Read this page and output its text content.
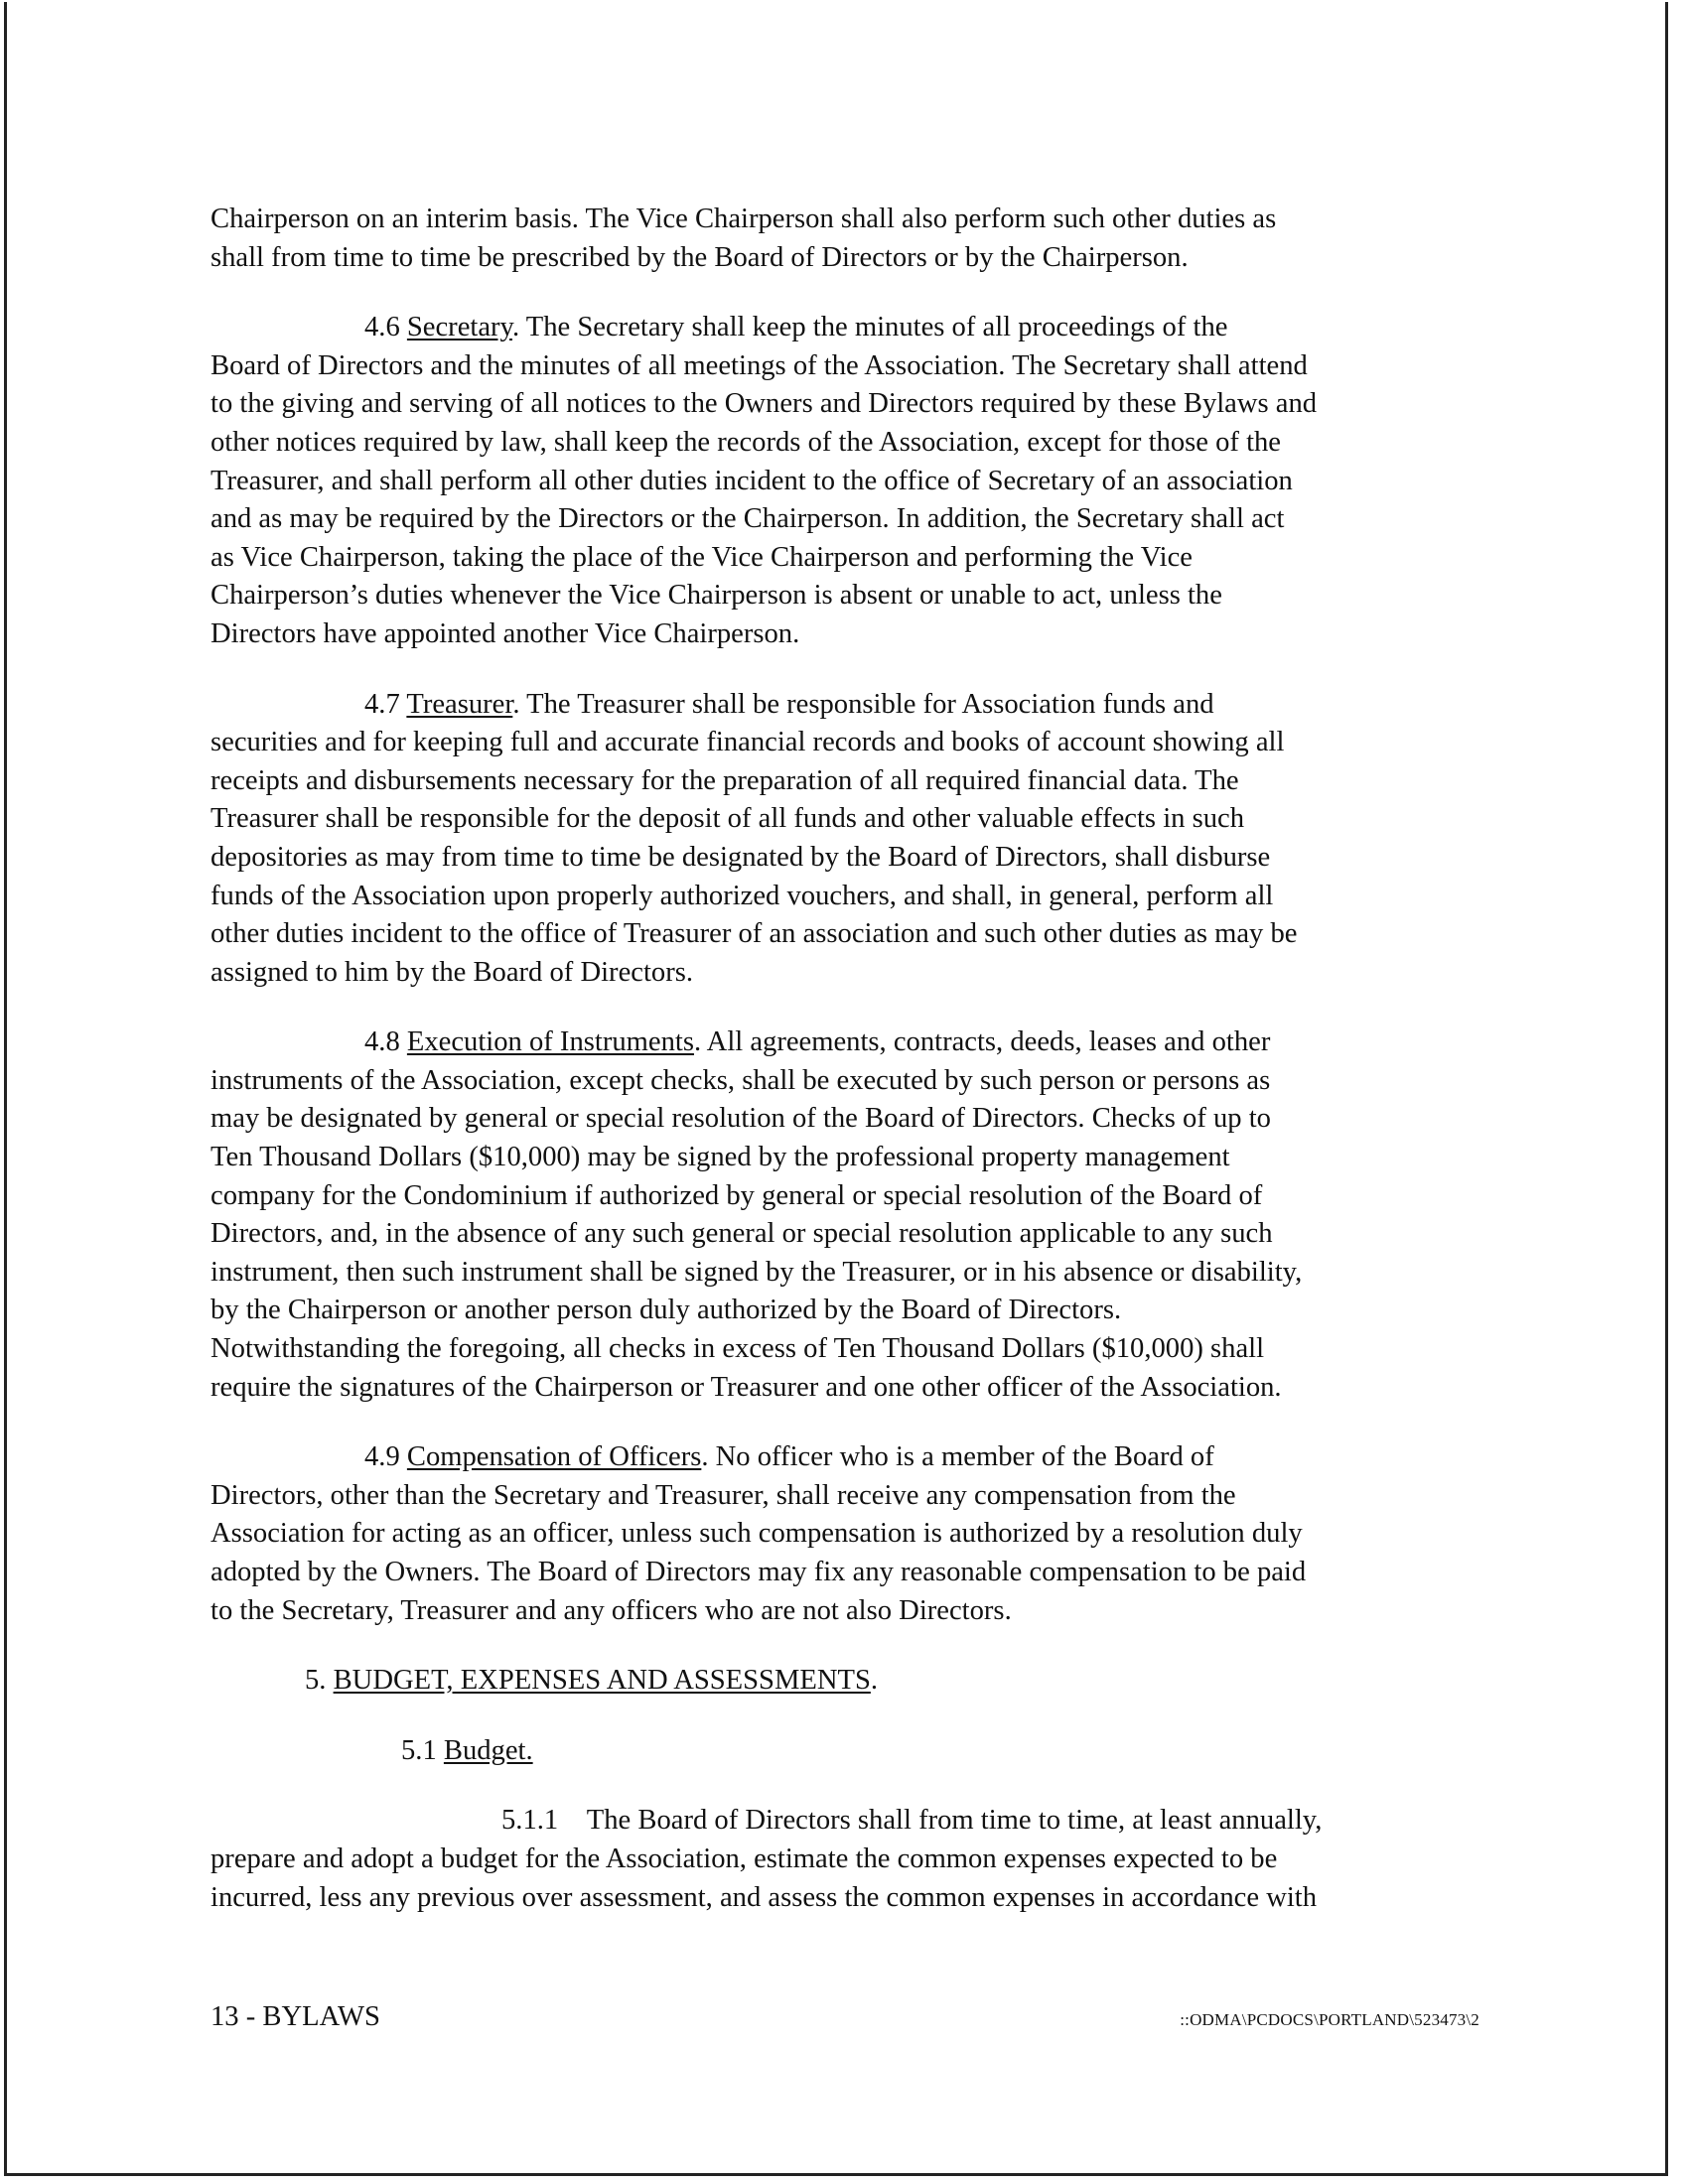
Chairperson on an interim basis. The Vice Chairperson shall also perform such other duties as
shall from time to time be prescribed by the Board of Directors or by the Chairperson.
4.6 Secretary. The Secretary shall keep the minutes of all proceedings of the
Board of Directors and the minutes of all meetings of the Association. The Secretary shall attend
to the giving and serving of all notices to the Owners and Directors required by these Bylaws and
other notices required by law, shall keep the records of the Association, except for those of the
Treasurer, and shall perform all other duties incident to the office of Secretary of an association
and as may be required by the Directors or the Chairperson. In addition, the Secretary shall act
as Vice Chairperson, taking the place of the Vice Chairperson and performing the Vice
Chairperson’s duties whenever the Vice Chairperson is absent or unable to act, unless the
Directors have appointed another Vice Chairperson.
4.7 Treasurer. The Treasurer shall be responsible for Association funds and
securities and for keeping full and accurate financial records and books of account showing all
receipts and disbursements necessary for the preparation of all required financial data. The
Treasurer shall be responsible for the deposit of all funds and other valuable effects in such
depositories as may from time to time be designated by the Board of Directors, shall disburse
funds of the Association upon properly authorized vouchers, and shall, in general, perform all
other duties incident to the office of Treasurer of an association and such other duties as may be
assigned to him by the Board of Directors.
4.8 Execution of Instruments. All agreements, contracts, deeds, leases and other
instruments of the Association, except checks, shall be executed by such person or persons as
may be designated by general or special resolution of the Board of Directors. Checks of up to
Ten Thousand Dollars ($10,000) may be signed by the professional property management
company for the Condominium if authorized by general or special resolution of the Board of
Directors, and, in the absence of any such general or special resolution applicable to any such
instrument, then such instrument shall be signed by the Treasurer, or in his absence or disability,
by the Chairperson or another person duly authorized by the Board of Directors.
Notwithstanding the foregoing, all checks in excess of Ten Thousand Dollars ($10,000) shall
require the signatures of the Chairperson or Treasurer and one other officer of the Association.
4.9 Compensation of Officers. No officer who is a member of the Board of
Directors, other than the Secretary and Treasurer, shall receive any compensation from the
Association for acting as an officer, unless such compensation is authorized by a resolution duly
adopted by the Owners. The Board of Directors may fix any reasonable compensation to be paid
to the Secretary, Treasurer and any officers who are not also Directors.
5. BUDGET, EXPENSES AND ASSESSMENTS.
5.1 Budget.
5.1.1 The Board of Directors shall from time to time, at least annually,
prepare and adopt a budget for the Association, estimate the common expenses expected to be
incurred, less any previous over assessment, and assess the common expenses in accordance with
13 - BYLAWS	::ODMA\PCDOCS\PORTLAND\523473\2
